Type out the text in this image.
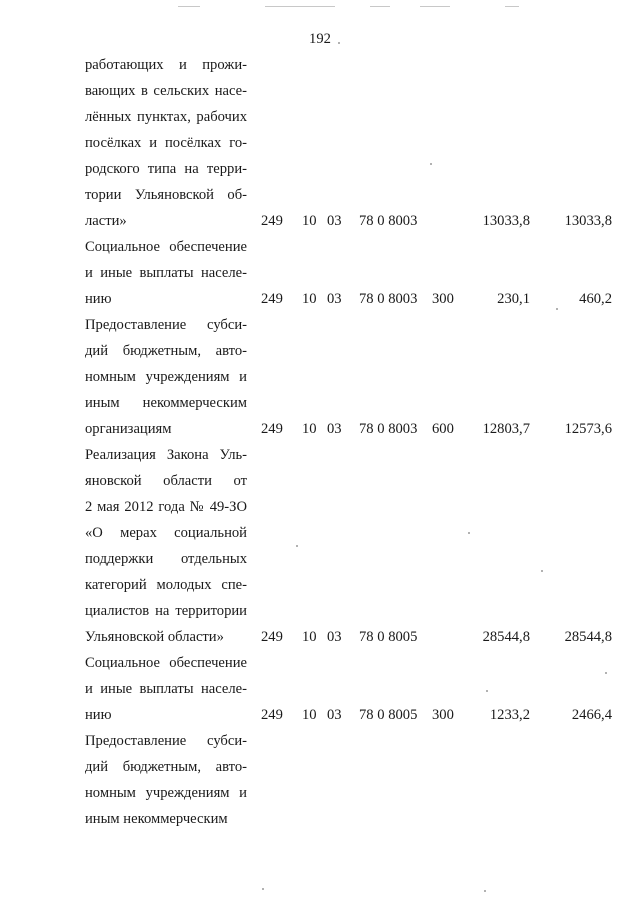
192
работающих и прожи-
вающих в сельских насе-
лённых пунктах, рабочих
посёлках и посёлках го-
родского типа на терри-
тории Ульяновской об-
ласти»	249 10 03 78 0 8003	13033,8 13033,8
Социальное обеспечение
и иные выплаты населе-
нию	249 10 03 78 0 8003 300	230,1	460,2
Предоставление субси-
дий бюджетным, авто-
номным учреждениям и
иным некоммерческим
организациям	249 10 03 78 0 8003 600 12803,7 12573,6
Реализация Закона Уль-
яновской области от
2 мая 2012 года № 49-ЗО
«О мерах социальной
поддержки отдельных
категорий молодых спе-
циалистов на территории
Ульяновской области»	249 10 03 78 0 8005	28544,8 28544,8
Социальное обеспечение
и иные выплаты населе-
нию	249 10 03 78 0 8005 300 1233,2	2466,4
Предоставление субси-
дий бюджетным, авто-
номным учреждениям и
иным некоммерческим
